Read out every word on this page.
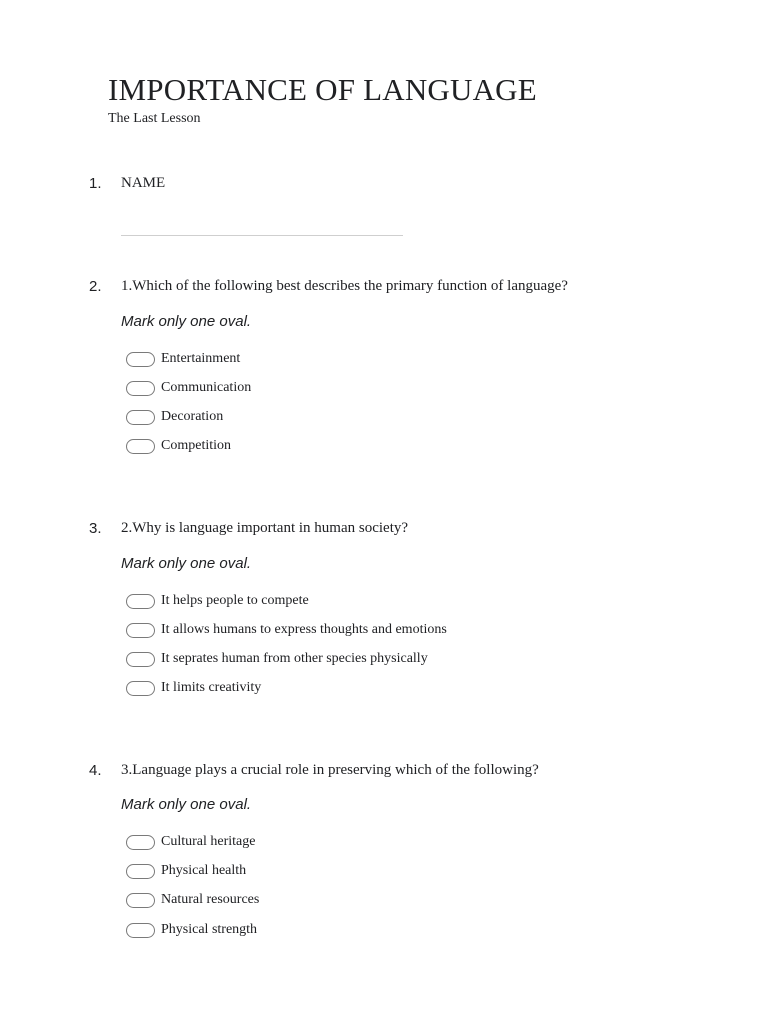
IMPORTANCE OF LANGUAGE
The Last Lesson
1. NAME
2. 1.Which of the following best describes the primary function of language?
Mark only one oval.
Entertainment
Communication
Decoration
Competition
3. 2.Why is language important in human society?
Mark only one oval.
It helps people to compete
It allows humans to express thoughts and emotions
It seprates human from other species physically
It limits creativity
4. 3.Language plays a crucial role in preserving which of the following?
Mark only one oval.
Cultural heritage
Physical health
Natural resources
Physical strength
